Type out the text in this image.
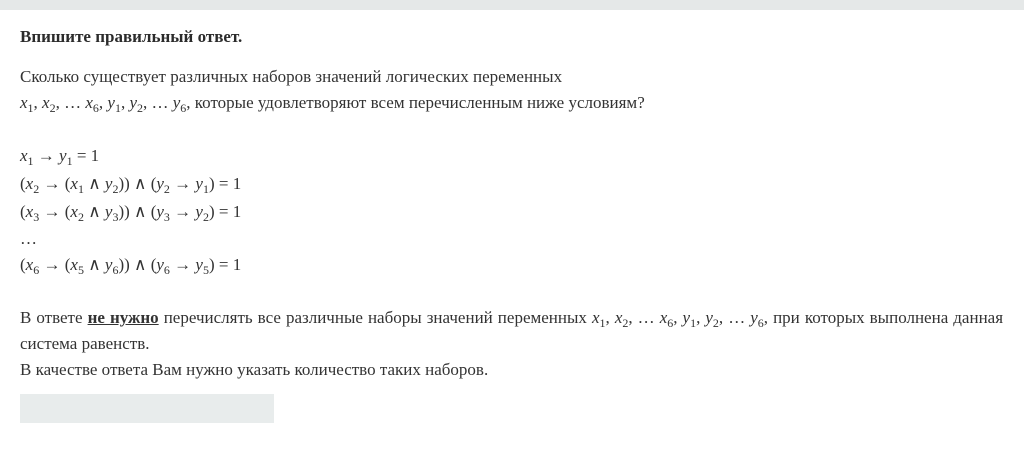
Впишите правильный ответ.
Сколько существует различных наборов значений логических переменных
$x_1$, $x_2$, … $x_6$, $y_1$, $y_2$, … $y_6$, которые удовлетворяют всем перечисленным ниже условиям?
$x_1 \to y_1 = 1$
($x_2 \to (x_1$ ∧ $y_2$)) ∧ $(y_2 \to y_1) = 1$
($x_3 \to (x_2$ ∧ $y_3$)) ∧ $(y_3 \to y_2) = 1$
…
($x_6 \to (x_5$ ∧ $y_6$)) ∧ $(y_6 \to y_5) = 1$
В ответе не нужно перечислять все различные наборы значений переменных $x_1$, $x_2$, … $x_6$, $y_1$, $y_2$, … $y_6$, при которых выполнена данная система равенств.
В качестве ответа Вам нужно указать количество таких наборов.
